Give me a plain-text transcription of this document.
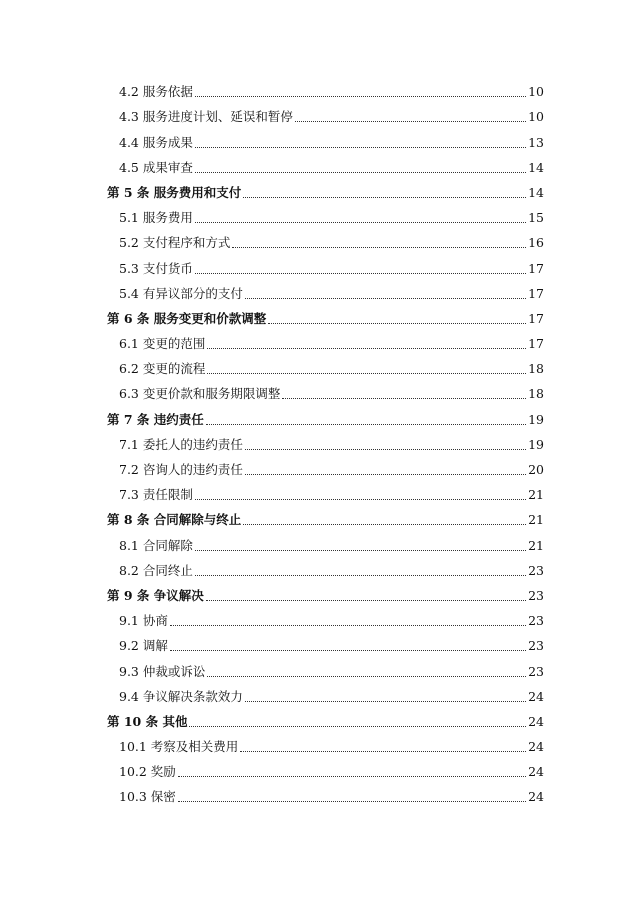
4.2 服务依据	10
4.3 服务进度计划、延误和暂停	10
4.4 服务成果	13
4.5 成果审查	14
第 5 条 服务费用和支付	14
5.1 服务费用	15
5.2 支付程序和方式	16
5.3 支付货币	17
5.4 有异议部分的支付	17
第 6 条 服务变更和价款调整	17
6.1 变更的范围	17
6.2 变更的流程	18
6.3 变更价款和服务期限调整	18
第 7 条 违约责任	19
7.1 委托人的违约责任	19
7.2 咨询人的违约责任	20
7.3 责任限制	21
第 8 条 合同解除与终止	21
8.1 合同解除	21
8.2 合同终止	23
第 9 条 争议解决	23
9.1 协商	23
9.2 调解	23
9.3 仲裁或诉讼	23
9.4 争议解决条款效力	24
第 10 条 其他	24
10.1 考察及相关费用	24
10.2 奖励	24
10.3 保密	24
